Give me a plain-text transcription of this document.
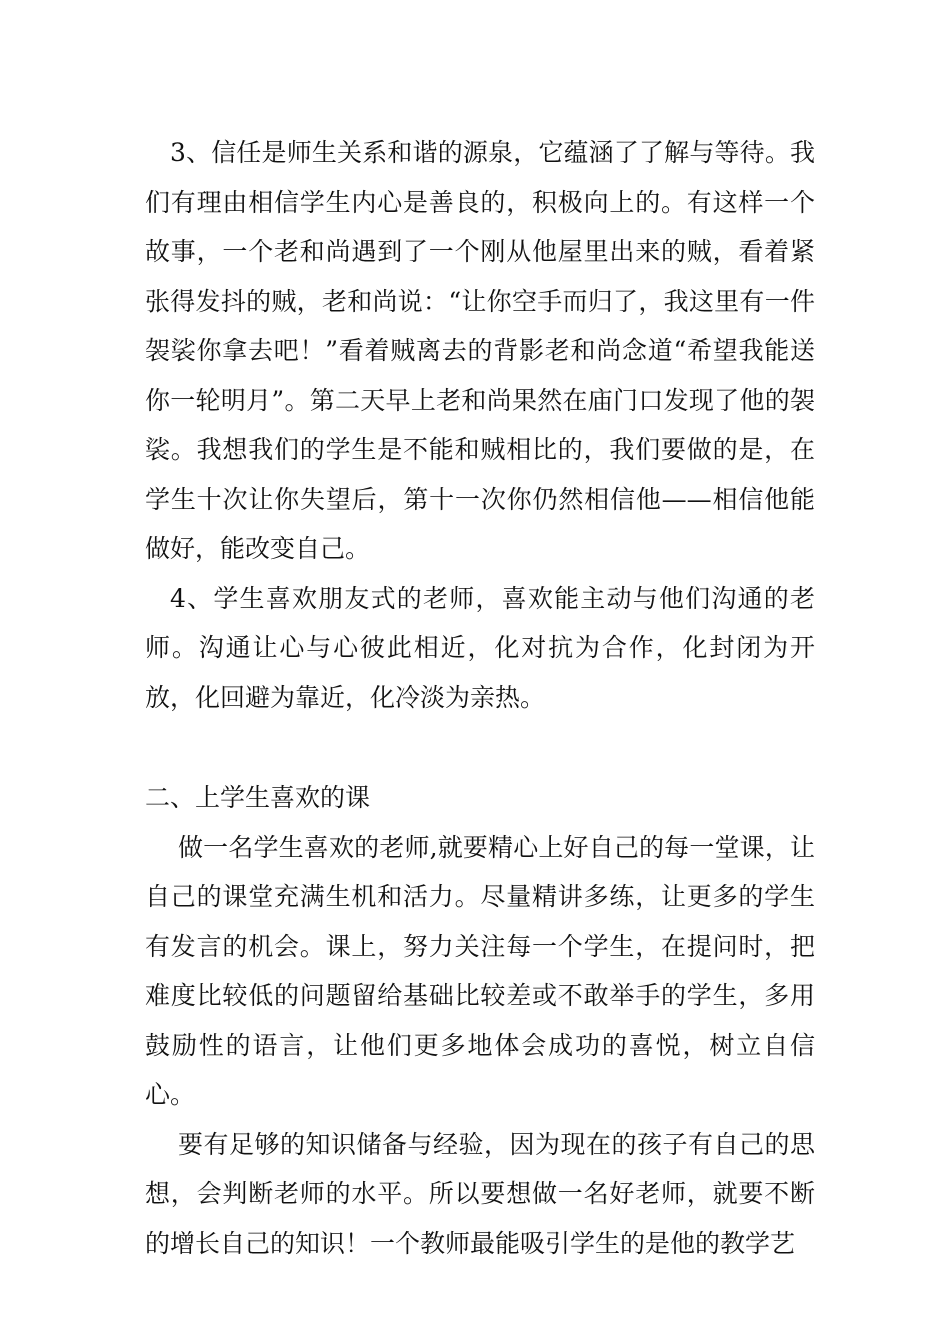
3、信任是师生关系和谐的源泉，它蕴涵了了解与等待。我们有理由相信学生内心是善良的，积极向上的。有这样一个故事，一个老和尚遇到了一个刚从他屋里出来的贼，看着紧张得发抖的贼，老和尚说：“让你空手而归了，我这里有一件袈裟你拿去吧！”看着贼离去的背影老和尚念道“希望我能送你一轮明月”。第二天早上老和尚果然在庙门口发现了他的袈裟。我想我们的学生是不能和贼相比的，我们要做的是，在学生十次让你失望后，第十一次你仍然相信他——相信他能做好，能改变自己。

4、学生喜欢朋友式的老师，喜欢能主动与他们沟通的老师。沟通让心与心彼此相近，化对抗为合作，化封闭为开放，化回避为靠近，化冷淡为亲热。

二、上学生喜欢的课

做一名学生喜欢的老师,就要精心上好自己的每一堂课，让自己的课堂充满生机和活力。尽量精讲多练，让更多的学生有发言的机会。课上，努力关注每一个学生，在提问时，把难度比较低的问题留给基础比较差或不敢举手的学生，多用鼓励性的语言，让他们更多地体会成功的喜悦，树立自信心。

要有足够的知识储备与经验，因为现在的孩子有自己的思想，会判断老师的水平。所以要想做一名好老师，就要不断的增长自己的知识！一个教师最能吸引学生的是他的教学艺
